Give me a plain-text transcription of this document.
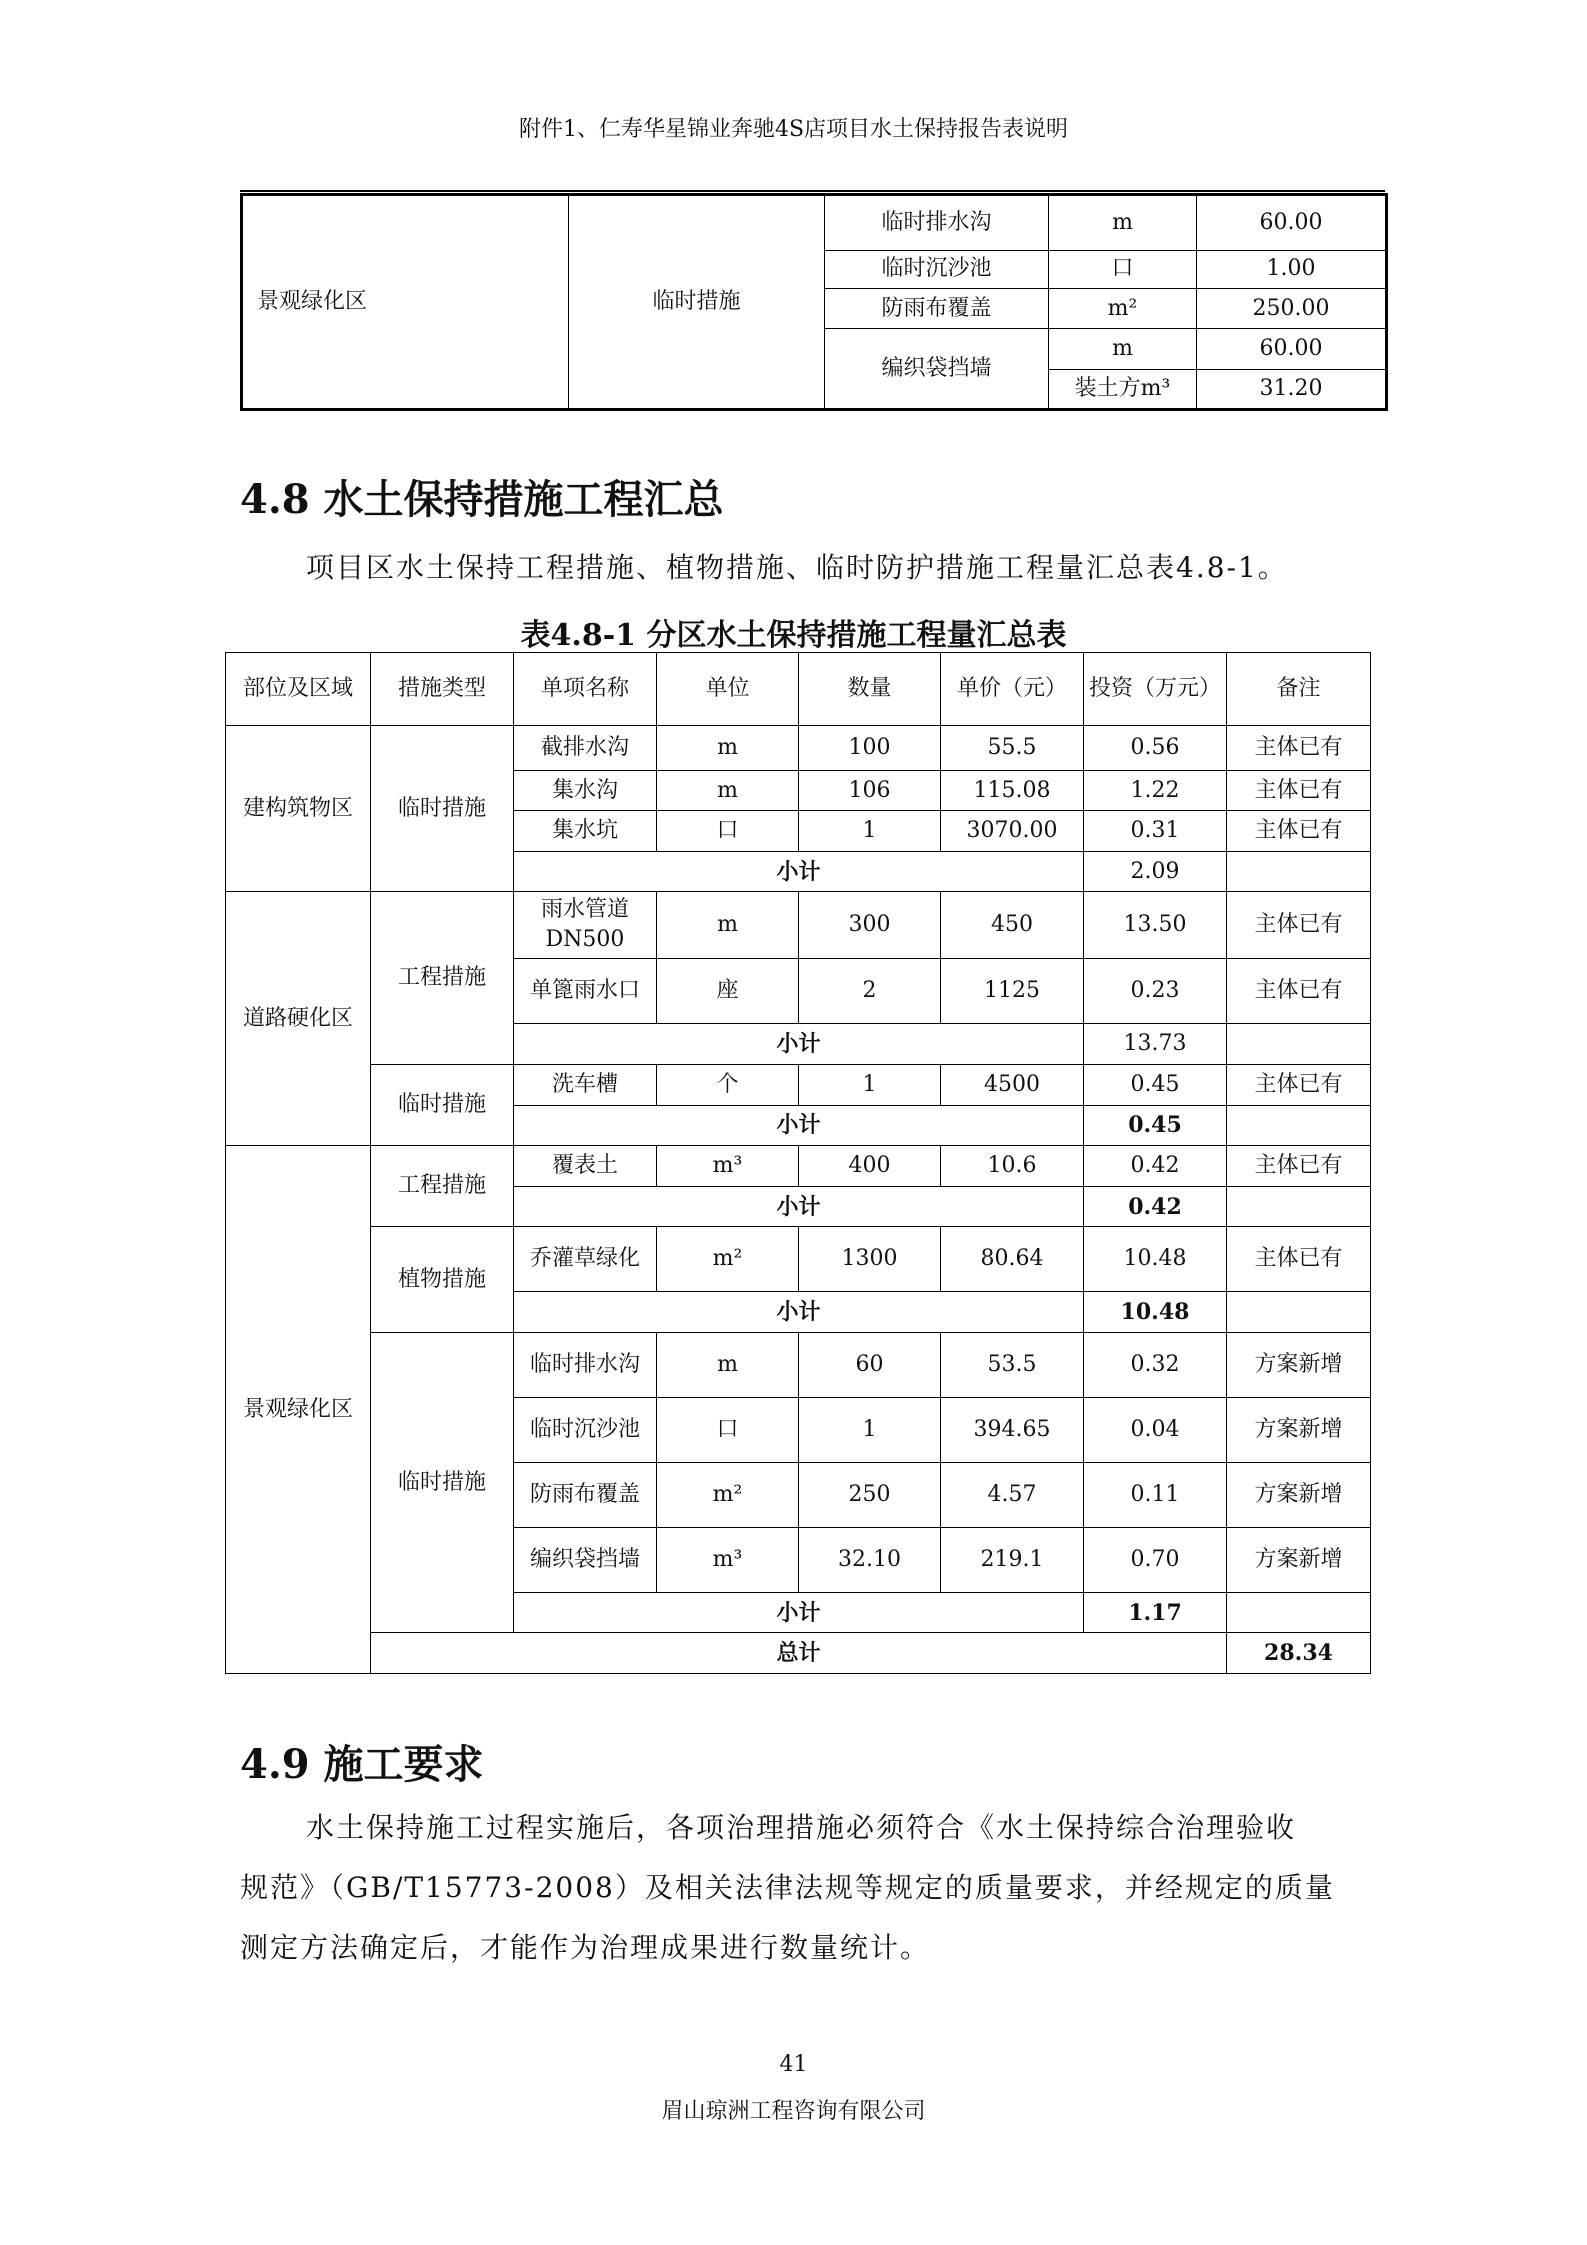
附件1、仁寿华星锦业奔驰4S店项目水土保持报告表说明
景观绿化区	临时措施	临时排水沟	m	60.00
		临时沉沙池	口	1.00
		防雨布覆盖	m²	250.00
		编织袋挡墙	m	60.00
			装土方m³	31.20
4.8 水土保持措施工程汇总
项目区水土保持工程措施、植物措施、临时防护措施工程量汇总表4.8-1。
表4.8-1 分区水土保持措施工程量汇总表
部位及区域	措施类型	单项名称	单位	数量	单价（元）	投资（万元）	备注	
建构筑物区	临时措施	截排水沟	m	100	55.5	0.56	主体已有	
		集水沟	m	106	115.08	1.22	主体已有	
		集水坑	口	1	3070.00	0.31	主体已有	
		小计				2.09		
道路硬化区	工程措施	雨水管道DN500	m	300	450	13.50	主体已有	
		单篦雨水口	座	2	1125	0.23	主体已有	
		小计				13.73		
	临时措施	洗车槽	个	1	4500	0.45	主体已有	
		小计				0.45		
景观绿化区	工程措施	覆表土	m³	400	10.6	0.42	主体已有	
		小计				0.42		
	植物措施	乔灌草绿化	m²	1300	80.64	10.48	主体已有	
		小计				10.48		
	临时措施	临时排水沟	m	60	53.5	0.32	方案新增	
		临时沉沙池	口	1	394.65	0.04	方案新增	
		防雨布覆盖	m²	250	4.57	0.11	方案新增	
		编织袋挡墙	m³	32.10	219.1	0.70	方案新增	
		小计				1.17		
	总计						28.34	
4.9 施工要求
水土保持施工过程实施后，各项治理措施必须符合《水土保持综合治理验收
规范》（GB/T15773-2008）及相关法律法规等规定的质量要求，并经规定的质量
测定方法确定后，才能作为治理成果进行数量统计。
41
眉山琼洲工程咨询有限公司
